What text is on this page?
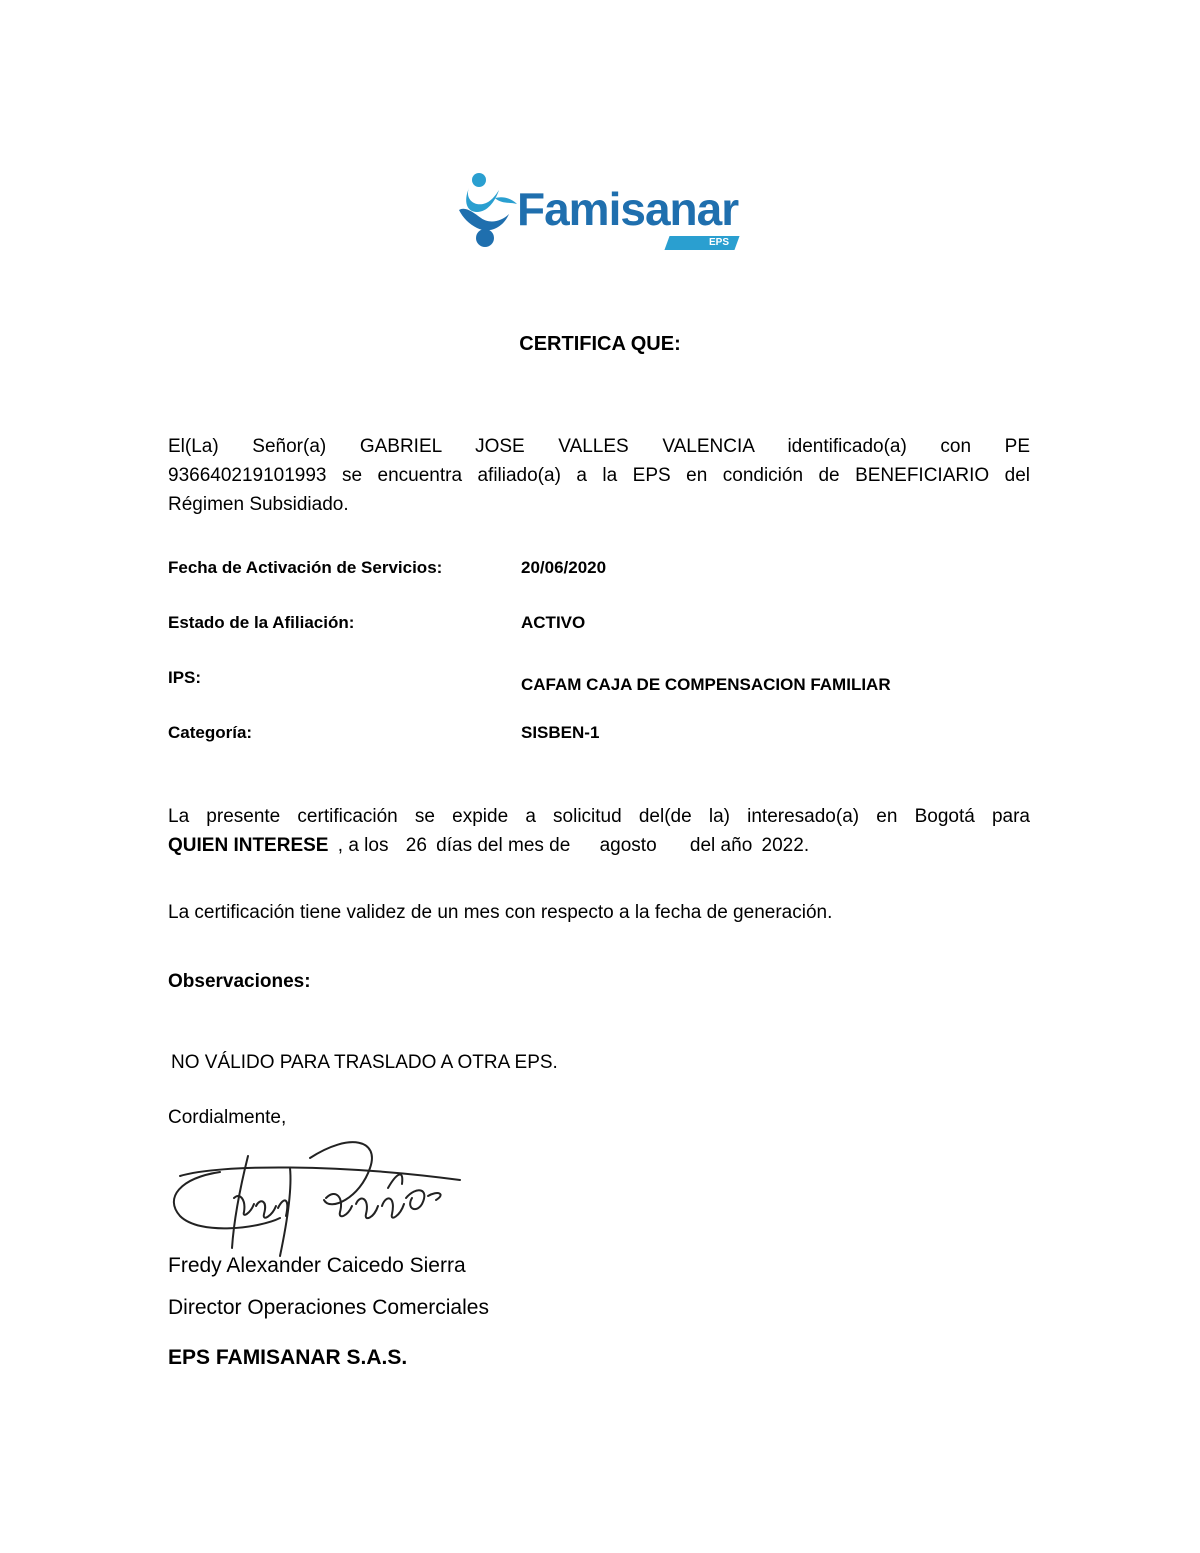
Famisanar
EPS
CERTIFICA QUE:
El(La) Señor(a) GABRIEL JOSE VALLES VALENCIA identificado(a) con PE
936640219101993 se encuentra afiliado(a) a la EPS en condición de BENEFICIARIO del
Régimen Subsidiado.
Fecha de Activación de Servicios:	20/06/2020
Estado de la Afiliación:	ACTIVO
IPS:	CAFAM CAJA DE COMPENSACION FAMILIAR
Categoría:	SISBEN-1
La presente certificación se expide a solicitud del(de la) interesado(a) en Bogotá para
QUIEN INTERESE , a los 26 días del mes de agosto del año 2022.
La certificación tiene validez de un mes con respecto a la fecha de generación.
Observaciones:
NO VÁLIDO PARA TRASLADO A OTRA EPS.
Cordialmente,
Fredy Alexander Caicedo Sierra
Director Operaciones Comerciales
EPS FAMISANAR S.A.S.
